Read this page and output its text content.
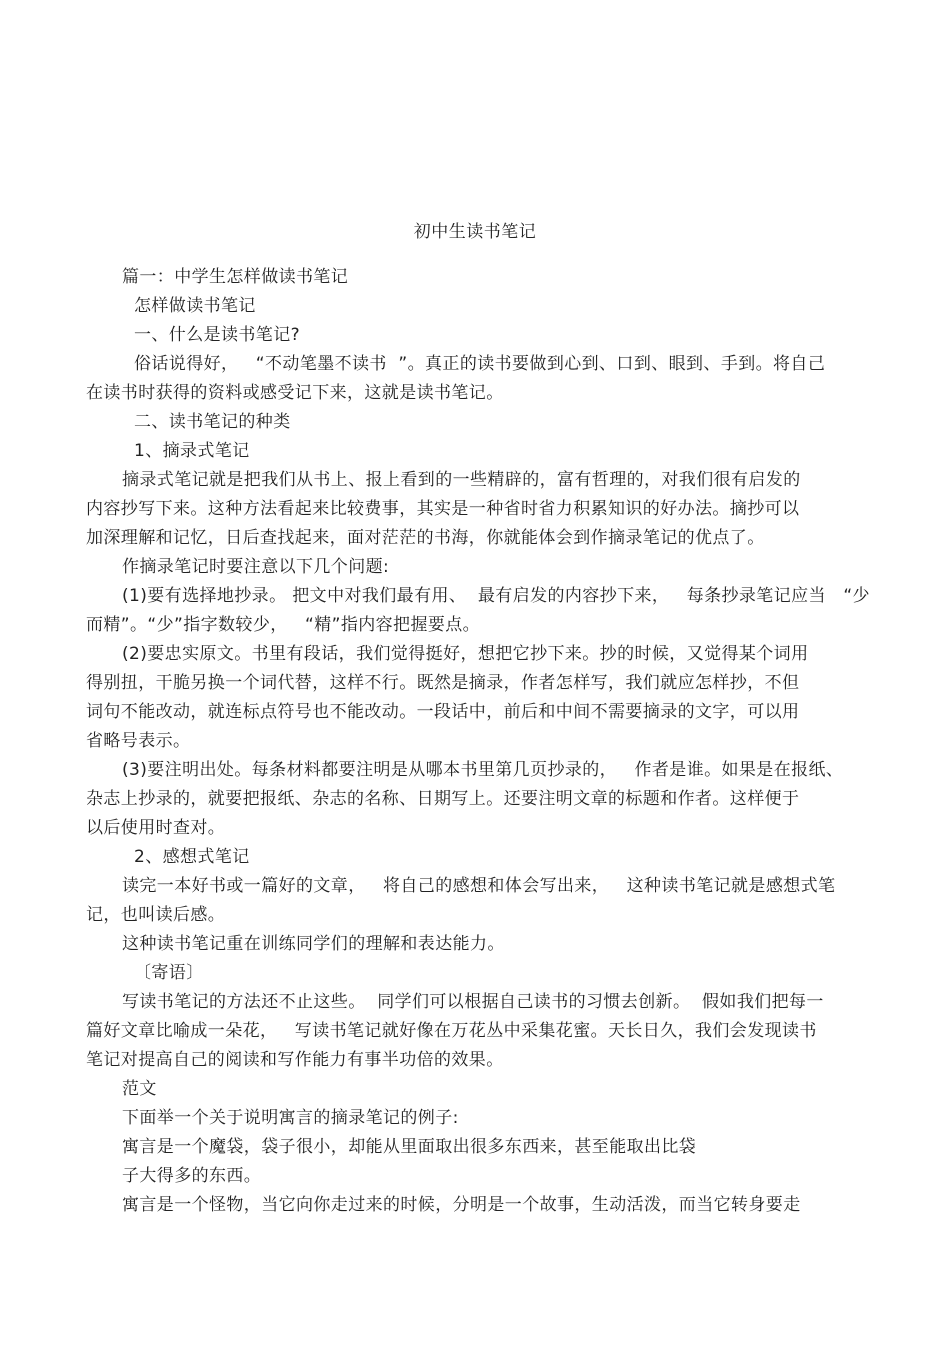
初中生读书笔记
篇一：中学生怎样做读书笔记
怎样做读书笔记
一、什么是读书笔记?
俗话说得好，   “不动笔墨不读书  ”。真正的读书要做到心到、口到、眼到、手到。将自己
在读书时获得的资料或感受记下来，这就是读书笔记。
二、读书笔记的种类
1、摘录式笔记
摘录式笔记就是把我们从书上、报上看到的一些精辟的，富有哲理的，对我们很有启发的
内容抄写下来。这种方法看起来比较费事，其实是一种省时省力积累知识的好办法。摘抄可以
加深理解和记忆，日后查找起来，面对茫茫的书海，你就能体会到作摘录笔记的优点了。
作摘录笔记时要注意以下几个问题:
(1)要有选择地抄录。 把文中对我们最有用、  最有启发的内容抄下来，   每条抄录笔记应当   “少
而精”。“少”指字数较少，   “精”指内容把握要点。
(2)要忠实原文。书里有段话，我们觉得挺好，想把它抄下来。抄的时候，又觉得某个词用
得别扭，干脆另换一个词代替，这样不行。既然是摘录，作者怎样写，我们就应怎样抄，不但
词句不能改动，就连标点符号也不能改动。一段话中，前后和中间不需要摘录的文字，可以用
省略号表示。
(3)要注明出处。每条材料都要注明是从哪本书里第几页抄录的，   作者是谁。如果是在报纸、
杂志上抄录的，就要把报纸、杂志的名称、日期写上。还要注明文章的标题和作者。这样便于
以后使用时查对。
2、感想式笔记
读完一本好书或一篇好的文章，   将自己的感想和体会写出来，   这种读书笔记就是感想式笔
记，也叫读后感。
这种读书笔记重在训练同学们的理解和表达能力。
〔寄语〕
写读书笔记的方法还不止这些。  同学们可以根据自己读书的习惯去创新。  假如我们把每一
篇好文章比喻成一朵花，   写读书笔记就好像在万花丛中采集花蜜。天长日久，我们会发现读书
笔记对提高自己的阅读和写作能力有事半功倍的效果。
范文
下面举一个关于说明寓言的摘录笔记的例子:
寓言是一个魔袋，袋子很小，却能从里面取出很多东西来，甚至能取出比袋
子大得多的东西。
寓言是一个怪物，当它向你走过来的时候，分明是一个故事，生动活泼，而当它转身要走
